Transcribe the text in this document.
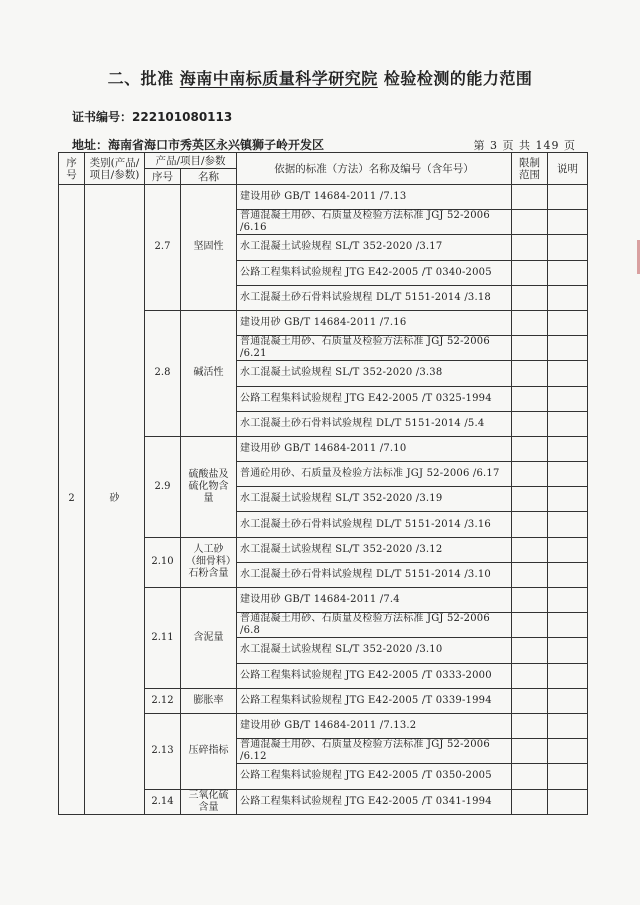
二、批准 海南中南标质量科学研究院 检验检测的能力范围
证书编号：222101080113
地址：海南省海口市秀英区永兴镇狮子岭开发区	第 3 页 共 149 页
序号	类别(产品/项目/参数)	产品/项目/参数		依据的标准（方法）名称及编号（含年号）	限制范围	说明
		序号	名称			
2	砂	2.7	坚固性	建设用砂 GB/T 14684-2011 /7.13		
				普通混凝土用砂、石质量及检验方法标准 JGJ 52-2006 /6.16		
				水工混凝土试验规程 SL/T 352-2020 /3.17		
				公路工程集料试验规程 JTG E42-2005 /T 0340-2005		
				水工混凝土砂石骨料试验规程 DL/T 5151-2014 /3.18		
		2.8	碱活性	建设用砂 GB/T 14684-2011 /7.16		
				普通混凝土用砂、石质量及检验方法标准 JGJ 52-2006 /6.21		
				水工混凝土试验规程 SL/T 352-2020 /3.38		
				公路工程集料试验规程 JTG E42-2005 /T 0325-1994		
				水工混凝土砂石骨料试验规程 DL/T 5151-2014 /5.4		
		2.9	硫酸盐及硫化物含量	建设用砂 GB/T 14684-2011 /7.10		
				普通砼用砂、石质量及检验方法标准 JGJ 52-2006 /6.17		
				水工混凝土试验规程 SL/T 352-2020 /3.19		
				水工混凝土砂石骨料试验规程 DL/T 5151-2014 /3.16		
		2.10	人工砂（细骨料）石粉含量	水工混凝土试验规程 SL/T 352-2020 /3.12		
				水工混凝土砂石骨料试验规程 DL/T 5151-2014 /3.10		
		2.11	含泥量	建设用砂 GB/T 14684-2011 /7.4		
				普通混凝土用砂、石质量及检验方法标准 JGJ 52-2006 /6.8		
				水工混凝土试验规程 SL/T 352-2020 /3.10		
				公路工程集料试验规程 JTG E42-2005 /T 0333-2000		
		2.12	膨胀率	公路工程集料试验规程 JTG E42-2005 /T 0339-1994		
		2.13	压碎指标	建设用砂 GB/T 14684-2011 /7.13.2		
				普通混凝土用砂、石质量及检验方法标准 JGJ 52-2006 /6.12		
				公路工程集料试验规程 JTG E42-2005 /T 0350-2005		
		2.14	三氧化硫含量	公路工程集料试验规程 JTG E42-2005 /T 0341-1994		
